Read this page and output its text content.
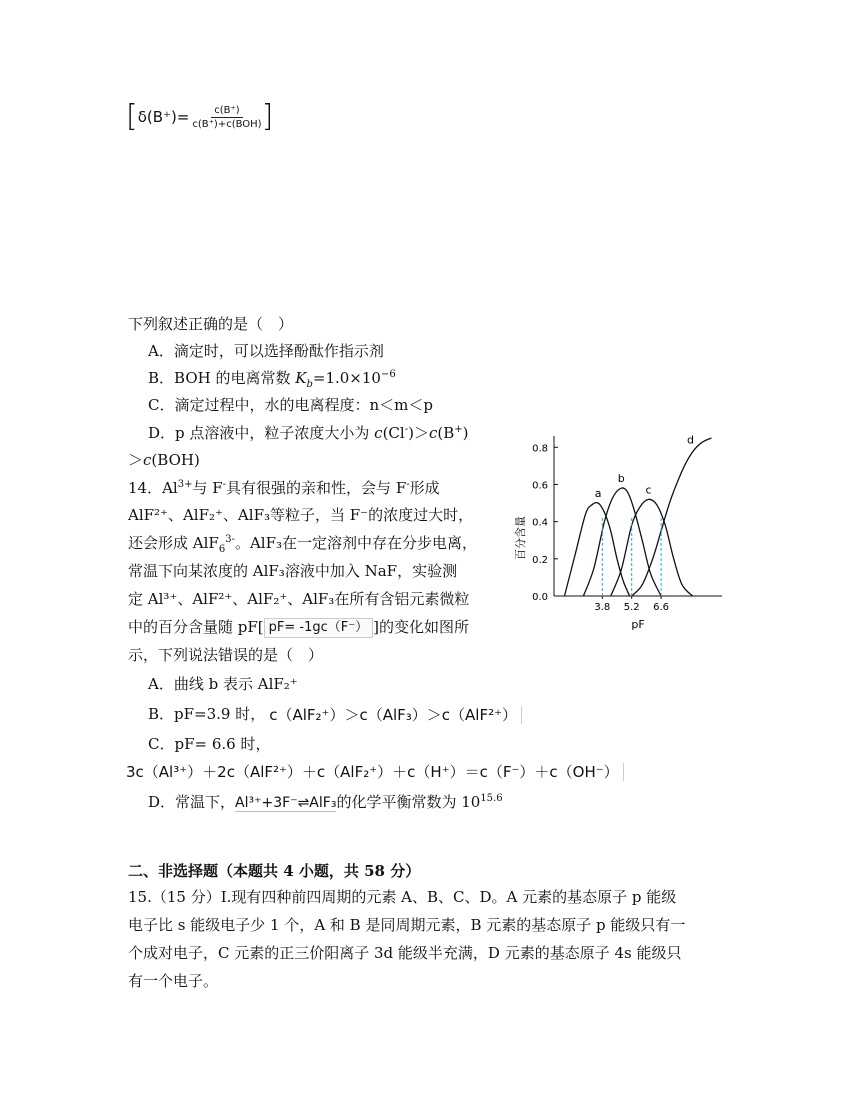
[ $\delta(B^+)= \frac{c(B^+)}{\text{c(B⁺)+c(BOH)}}$ ]
下列叙述正确的是（　）
A．滴定时，可以选择酚酞作指示剂
B．BOH 的电离常数 $K_b=1.0\times 10^{-6}$
C．滴定过程中，水的电离程度：n＜m＜p
D．p 点溶液中，粒子浓度大小为 c(Cl-)＞c(B+)
＞c(BOH)
14．$Al^{3+}$与 F-具有很强的亲和性，会与 F-形成
AlF²⁺、AlF₂⁺、AlF₃等粒子，当 F⁻的浓度过大时，
还会形成 AlF$_6^{3-}$。AlF₃在一定溶剂中存在分步电离，
常温下向某浓度的 AlF₃溶液中加入 NaF，实验测
定 Al³⁺、AlF²⁺、AlF₂⁺、AlF₃在所有含铝元素微粒
中的百分含量随 pF[ pF= -1gc（F⁻） ]的变化如图所
示，下列说法错误的是（　）
A．曲线 b 表示 AlF₂⁺
B．pF=3.9 时， c（AlF₂⁺）＞c（AlF₃）＞c（AlF²⁺）
C．pF= 6.6 时，
3c（Al³⁺）＋2c（AlF²⁺）＋c（AlF₂⁺）＋c（H⁺）＝c（F⁻）＋c（OH⁻）
D．常温下，Al³⁺+3F⁻⇌AlF₃的化学平衡常数为 $10^{15.6}$
二、非选择题（本题共 4 小题，共 58 分）
15.（15 分）Ⅰ.现有四种前四周期的元素 A、B、C、D。A 元素的基态原子 p 能级
电子比 s 能级电子少 1 个，A 和 B 是同周期元素，B 元素的基态原子 p 能级只有一
个成对电子，C 元素的正三价阳离子 3d 能级半充满，D 元素的基态原子 4s 能级只
有一个电子。
百分含量
pF
0.0
0.2
0.4
0.6
0.8
3.8 5.2 6.6
a
b
c
d
